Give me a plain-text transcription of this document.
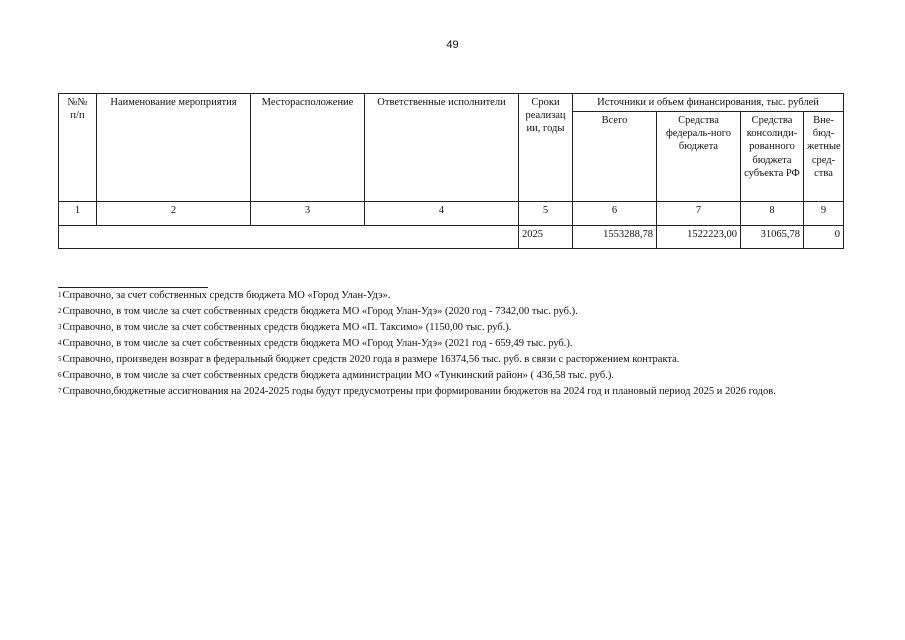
49
№№ п/п	Наименование мероприятия	Месторасположение	Ответственные исполнители	Сроки реализац ии, годы	Источники и объем финансирования, тыс. рублей			
					Всего	Средства федераль-ного бюджета	Средства консолиди-рованного бюджета субъекта РФ	Вне-бюд-жетные сред-ства
1	2	3	4	5	6	7	8	9
				2025	1553288,78	1522223,00	31065,78	0
$^1$Справочно, за счет собственных средств бюджета МО «Город Улан-Удэ».
$^2$Справочно, в том числе за счет собственных средств бюджета МО «Город Улан-Удэ» (2020 год - 7342,00 тыс. руб.).
$^3$Справочно, в том числе за счет собственных средств бюджета МО «П. Таксимо» (1150,00 тыс. руб.).
$^4$Справочно, в том числе за счет собственных средств бюджета МО «Город Улан-Удэ» (2021 год - 659,49 тыс. руб.).
$^5$Справочно, произведен возврат в федеральный бюджет средств 2020 года в размере 16374,56 тыс. руб. в связи с расторжением контракта.
$^6$Справочно, в том числе за счет собственных средств бюджета администрации МО «Тункинский район» ( 436,58 тыс. руб.).
$^7$Справочно,бюджетные ассигнования на 2024-2025 годы будут предусмотрены при формировании бюджетов на 2024 год и плановый период 2025 и 2026 годов.
